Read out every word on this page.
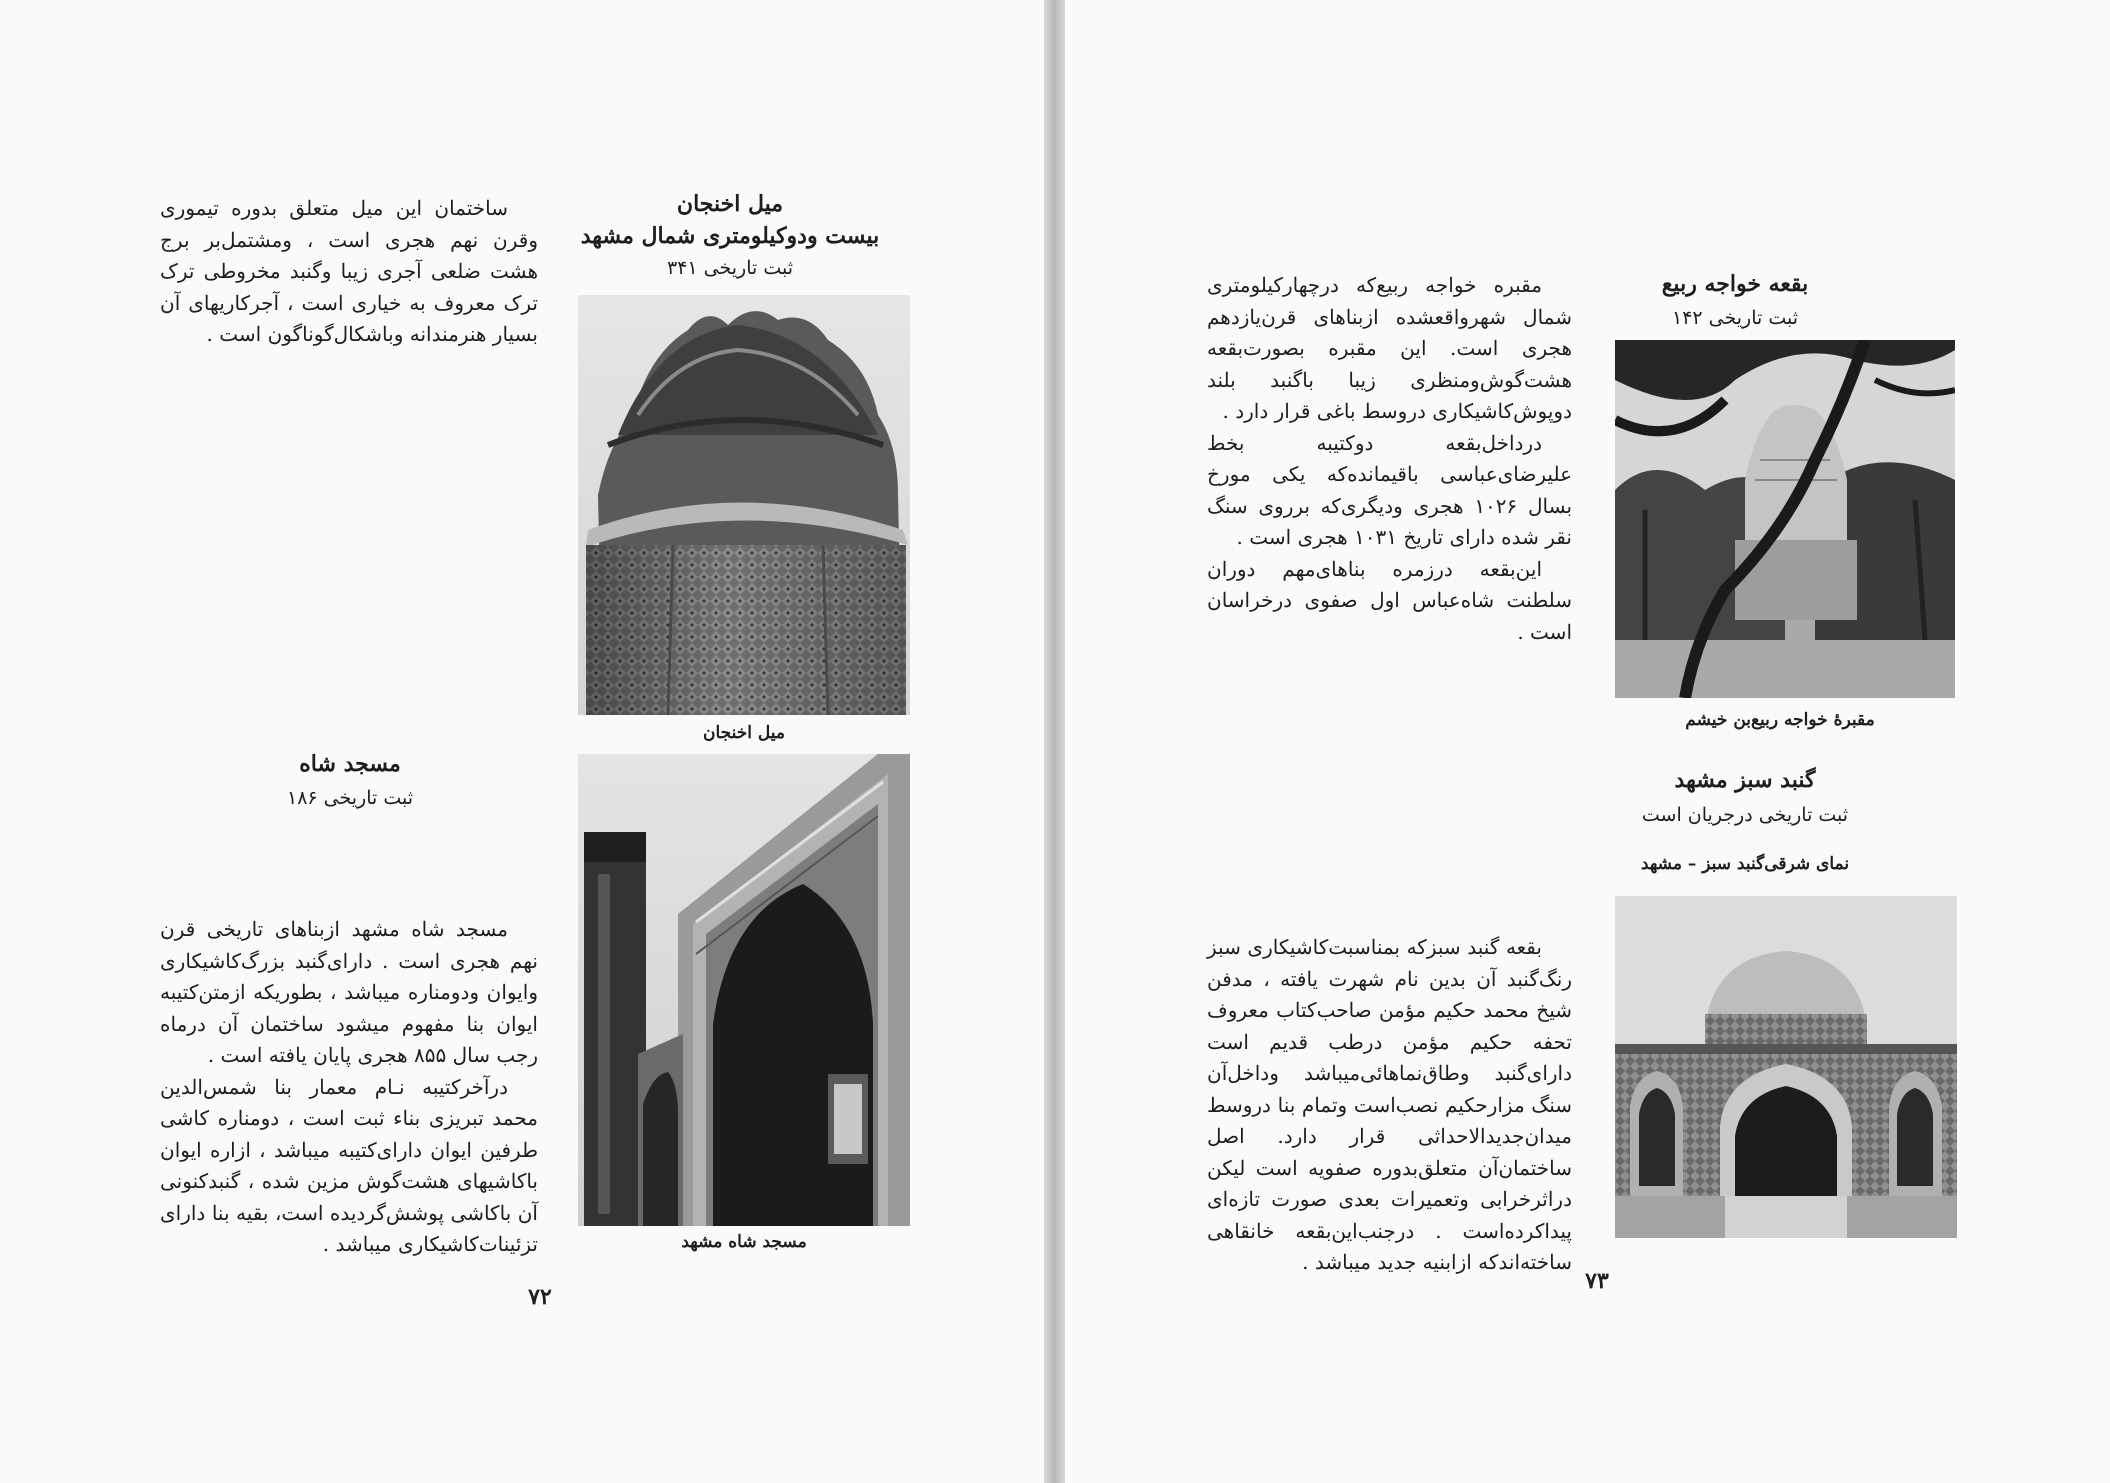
میل اخنجان
بیست ودوکیلومتری شمال مشهد
ثبت تاریخی ۳۴۱

ساختمان این میل متعلق بدوره تیموری وقرن نهم هجری است ، ومشتمل‌بر برج هشت ضلعی آجری زیبا وگنبد مخروطی ترک ترک معروف به خیاری است ، آجرکاریهای آن بسیار هنرمندانه وباشکال‌گوناگون است .

میل اخنجان
مسجد شاه
ثبت تاریخی ۱۸۶
مسجد شاه مشهد

مسجد شاه مشهد ازبناهای تاریخی قرن نهم هجری است . دارای‌گنبد بزرگ‌کاشیکاری وایوان ودومناره میباشد ، بطوریکه ازمتن‌کتیبه ایوان بنا مفهوم میشود ساختمان آن درماه رجب سال ۸۵۵ هجری پایان یافته است .

درآخرکتیبه نـام معمار بنا شمس‌الدین محمد تبریزی بناء ثبت است ، دومناره کاشی طرفین ایوان دارای‌کتیبه میباشد ، ازاره ایوان باکاشیهای هشت‌گوش مزین شده ، گنبدکنونی آن باکاشی پوشش‌گردیده است، بقیه بنا دارای تزئینات‌کاشیکاری میباشد .

۷۲
بقعه خواجه ربیع
ثبت تاریخی ۱۴۲
مقبرهٔ خواجه ربیع‌بن خیشم

مقبره خواجه ربیع‌که درچهارکیلومتری شمال شهرواقعشده ازبناهای قرن‌یازدهم هجری است. این مقبره بصورت‌بقعه هشت‌گوش‌ومنظری زیبا باگنبد بلند دوپوش‌کاشیکاری دروسط باغی قرار دارد .

درداخل‌بقعه دوکتیبه بخط علیرضای‌عباسی باقیمانده‌که یکی مورخ بسال ۱۰۲۶ هجری ودیگری‌که برروی سنگ نقر شده دارای تاریخ ۱۰۳۱ هجری است .

این‌بقعه درزمره بناهای‌مهم دوران سلطنت شاه‌عباس اول صفوی درخراسان است .

گنبد سبز مشهد
ثبت تاریخی درجریان است
نمای شرقی‌گنبد سبز – مشهد

بقعه گنبد سبزکه بمناسبت‌کاشیکاری سبز رنگ‌گنبد آن بدین نام شهرت یافته ، مدفن شیخ محمد حکیم مؤمن صاحب‌کتاب معروف تحفه حکیم مؤمن درطب قدیم است دارای‌گنبد وطاق‌نماهائی‌میباشد وداخل‌آن سنگ مزارحکیم نصب‌است وتمام بنا دروسط میدان‌جدیدالاحداثی قرار دارد. اصل ساختمان‌آن متعلق‌بدوره صفویه است لیکن دراثرخرابی وتعمیرات بعدی صورت تازه‌ای پیداکرده‌است . درجنب‌این‌بقعه خانقاهی ساخته‌اندکه ازابنیه جدید میباشد .

۷۳
